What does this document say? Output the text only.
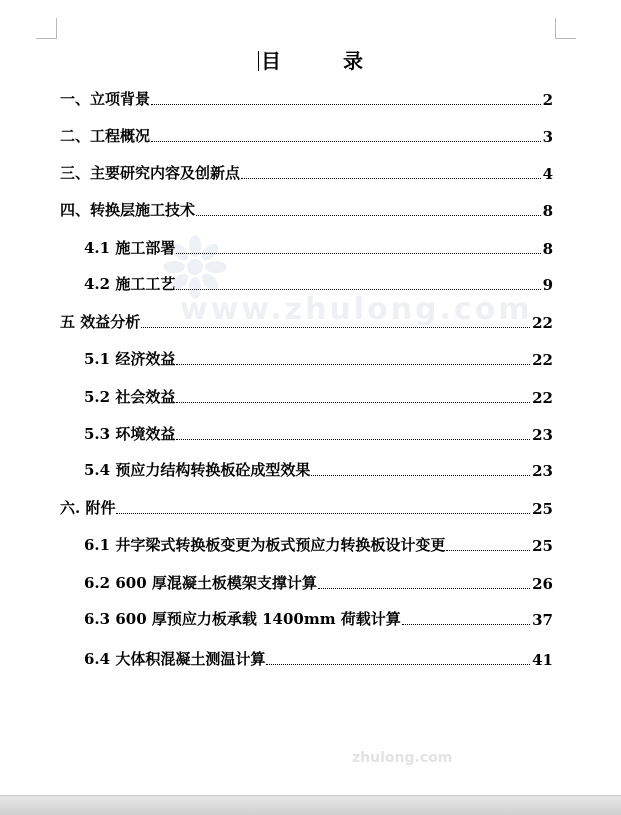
www.zhulong.com
目	录
一、立项背景	2
二、工程概况	3
三、主要研究内容及创新点	4
四、转换层施工技术	8
4.1 施工部署	8
4.2 施工工艺	9
五 效益分析	22
5.1 经济效益	22
5.2 社会效益	22
5.3 环境效益	23
5.4 预应力结构转换板砼成型效果	23
六. 附件	25
6.1 井字梁式转换板变更为板式预应力转换板设计变更	25
6.2 600 厚混凝土板模架支撑计算	26
6.3 600 厚预应力板承载 1400mm 荷载计算	37
6.4 大体积混凝土测温计算	41
zhulong.com
